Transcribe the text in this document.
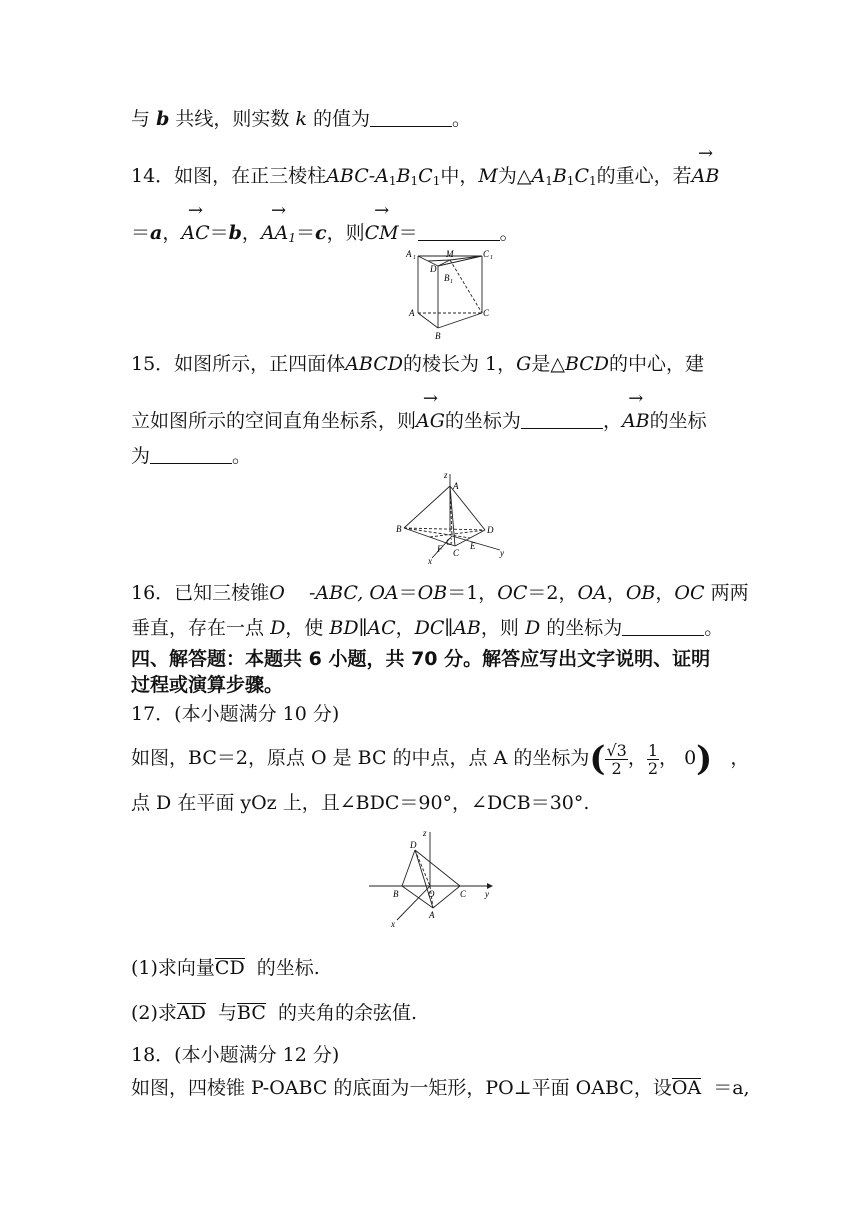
与 b 共线，则实数 k 的值为	。
14．如图，在正三棱柱ABC-$A_1B_1C_1$中，M为$\triangle A_1B_1C_1$的重心，若→ AB
＝a，→ AC＝b，→ $AA_1=c$，则→ CM＝	。
A 1	C 1
M
D
B 1
A	C
B
15．如图所示，正四面体ABCD的棱长为 1，G是△BCD的中心，建
立如图所示的空间直角坐标系，则→ AG的坐标为	，→ AB的坐标
为	。
z
A
B	D
G
F	E
C
x
y
16．已知三棱锥O -ABC, OA＝OB＝1，OC＝2，OA，OB，OC 两两
垂直，存在一点 D，使 BD∥AC，DC∥AB，则 D 的坐标为	。
四、解答题：本题共 6 小题，共 70 分。解答应写出文字说明、证明
过程或演算步骤。
17．(本小题满分 10 分)
如图，BC＝2，原点 O 是 BC 的中点，点 A 的坐标为( $\frac{√3}{2}$ ， $\frac{1}{2}$ ， 0)   ，
点 D 在平面 yOz 上，且∠BDC＝90°，∠DCB＝30°.
z
D
B	O	C y
A
x
(1)求向量CD 的坐标.
(2)求AD 与BC 的夹角的余弦值.
18．(本小题满分 12 分)
如图，四棱锥 P-OABC 的底面为一矩形，PO⊥平面 OABC，设OA ＝a,
